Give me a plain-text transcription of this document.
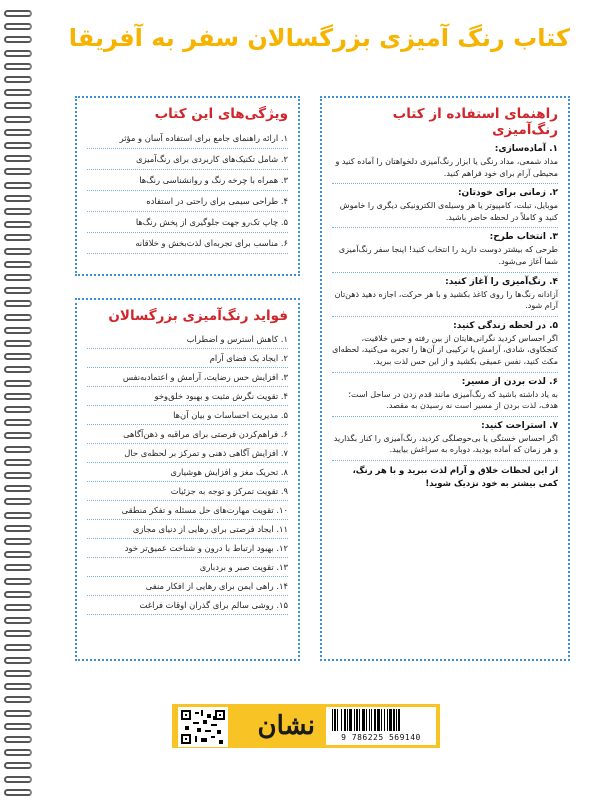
کتاب رنگ آمیزی بزرگسالان سفر به آفریقا
راهنمای استفاده از کتاب رنگ‌آمیزی
۱. آماده‌سازی:
مداد شمعی، مداد رنگی یا ابزار رنگ‌آمیزی دلخواهتان را آماده کنید و محیطی آرام برای خود فراهم کنید.
۲. زمانی برای خودتان:
موبایل، تبلت، کامپیوتر یا هر وسیله‌ی الکترونیکی دیگری را خاموش کنید و کاملاً در لحظه حاضر باشید.
۳. انتخاب طرح:
طرحی که بیشتر دوست دارید را انتخاب کنید! اینجا سفر رنگ‌آمیزی شما آغاز می‌شود.
۴. رنگ‌آمیزی را آغاز کنید:
آزادانه رنگ‌ها را روی کاغذ بکشید و با هر حرکت، اجازه دهید ذهن‌تان آرام شود.
۵. در لحظه زندگی کنید:
اگر احساس کردید نگرانی‌هایتان از بین رفته و حس خلاقیت، کنجکاوی، شادی، آرامش یا ترکیبی از آن‌ها را تجربه می‌کنید، لحظه‌ای مکث کنید، نفس عمیقی بکشید و از این حس لذت ببرید.
۶. لذت بردن از مسیر:
به یاد داشته باشید که رنگ‌آمیزی مانند قدم زدن در ساحل است؛ هدف، لذت بردن از مسیر است نه رسیدن به مقصد.
۷. استراحت کنید:
اگر احساس خستگی یا بی‌حوصلگی کردید، رنگ‌آمیزی را کنار بگذارید و هر زمان که آماده بودید، دوباره به سراغش بیایید.
از این لحظات خلاق و آرام لذت ببرید و با هر رنگ، کمی بیشتر به خود نزدیک شوید!
ویژگی‌های این کتاب
۱. ارائه راهنمای جامع برای استفاده آسان و مؤثر
۲. شامل تکنیک‌های کاربردی برای رنگ‌آمیزی
۳. همراه با چرخه رنگ و روانشناسی رنگ‌ها
۴. طراحی سیمی برای راحتی در استفاده
۵. چاپ تک‌رو جهت جلوگیری از پخش رنگ‌ها
۶. مناسب برای تجربه‌ای لذت‌بخش و خلاقانه
فواید رنگ‌آمیزی بزرگسالان
۱. کاهش استرس و اضطراب
۲. ایجاد یک فضای آرام
۳. افزایش حس رضایت، آرامش و اعتماد‌به‌نفس
۴. تقویت نگرش مثبت و بهبود خلق‌وخو
۵. مدیریت احساسات و بیان آن‌ها
۶. فراهم‌کردن فرصتی برای مراقبه و ذهن‌آگاهی
۷. افزایش آگاهی ذهنی و تمرکز بر لحظه‌ی حال
۸. تحریک مغز و افزایش هوشیاری
۹. تقویت تمرکز و توجه به جزئیات
۱۰. تقویت مهارت‌های حل مسئله و تفکر منطقی
۱۱. ایجاد فرصتی برای رهایی از دنیای مجازی
۱۲. بهبود ارتباط با درون و شناخت عمیق‌تر خود
۱۳. تقویت صبر و بردباری
۱۴. راهی ایمن برای رهایی از افکار منفی
۱۵. روشی سالم برای گذران اوقات فراغت
نشان	9 786225 569140
